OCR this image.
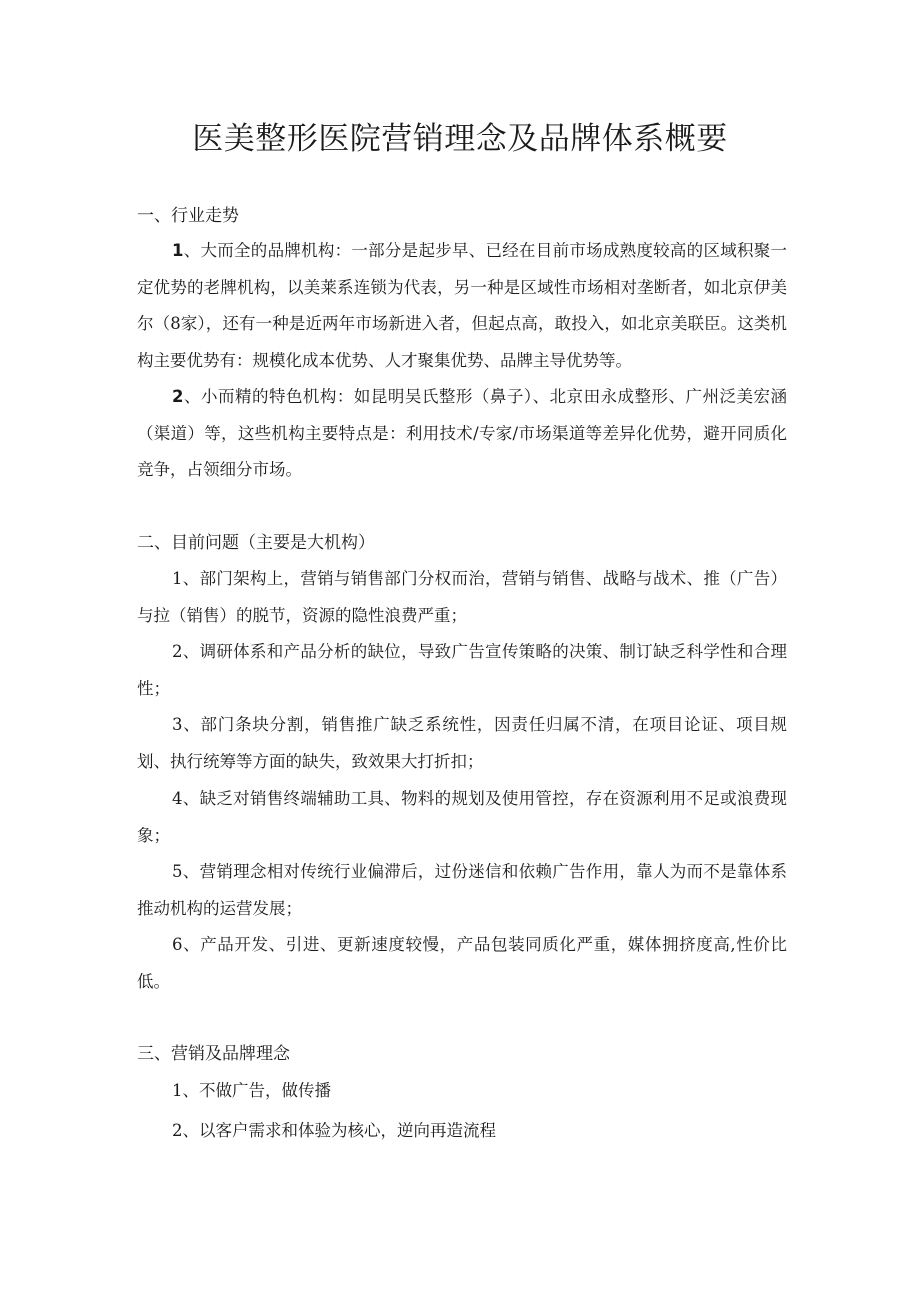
医美整形医院营销理念及品牌体系概要
一、行业走势

1、大而全的品牌机构：一部分是起步早、已经在目前市场成熟度较高的区域积聚一定优势的老牌机构，以美莱系连锁为代表，另一种是区域性市场相对垄断者，如北京伊美尔（8家），还有一种是近两年市场新进入者，但起点高，敢投入，如北京美联臣。这类机构主要优势有：规模化成本优势、人才聚集优势、品牌主导优势等。

2、小而精的特色机构：如昆明吴氏整形（鼻子）、北京田永成整形、广州泛美宏涵（渠道）等，这些机构主要特点是：利用技术/专家/市场渠道等差异化优势，避开同质化竞争，占领细分市场。

二、目前问题（主要是大机构）

1、部门架构上，营销与销售部门分权而治，营销与销售、战略与战术、推（广告）与拉（销售）的脱节，资源的隐性浪费严重；

2、调研体系和产品分析的缺位，导致广告宣传策略的决策、制订缺乏科学性和合理性；

3、部门条块分割，销售推广缺乏系统性，因责任归属不清，在项目论证、项目规划、执行统筹等方面的缺失，致效果大打折扣；

4、缺乏对销售终端辅助工具、物料的规划及使用管控，存在资源利用不足或浪费现象；

5、营销理念相对传统行业偏滞后，过份迷信和依赖广告作用，靠人为而不是靠体系推动机构的运营发展；

6、产品开发、引进、更新速度较慢，产品包装同质化严重，媒体拥挤度高,性价比低。

三、营销及品牌理念

1、不做广告，做传播

2、以客户需求和体验为核心，逆向再造流程
